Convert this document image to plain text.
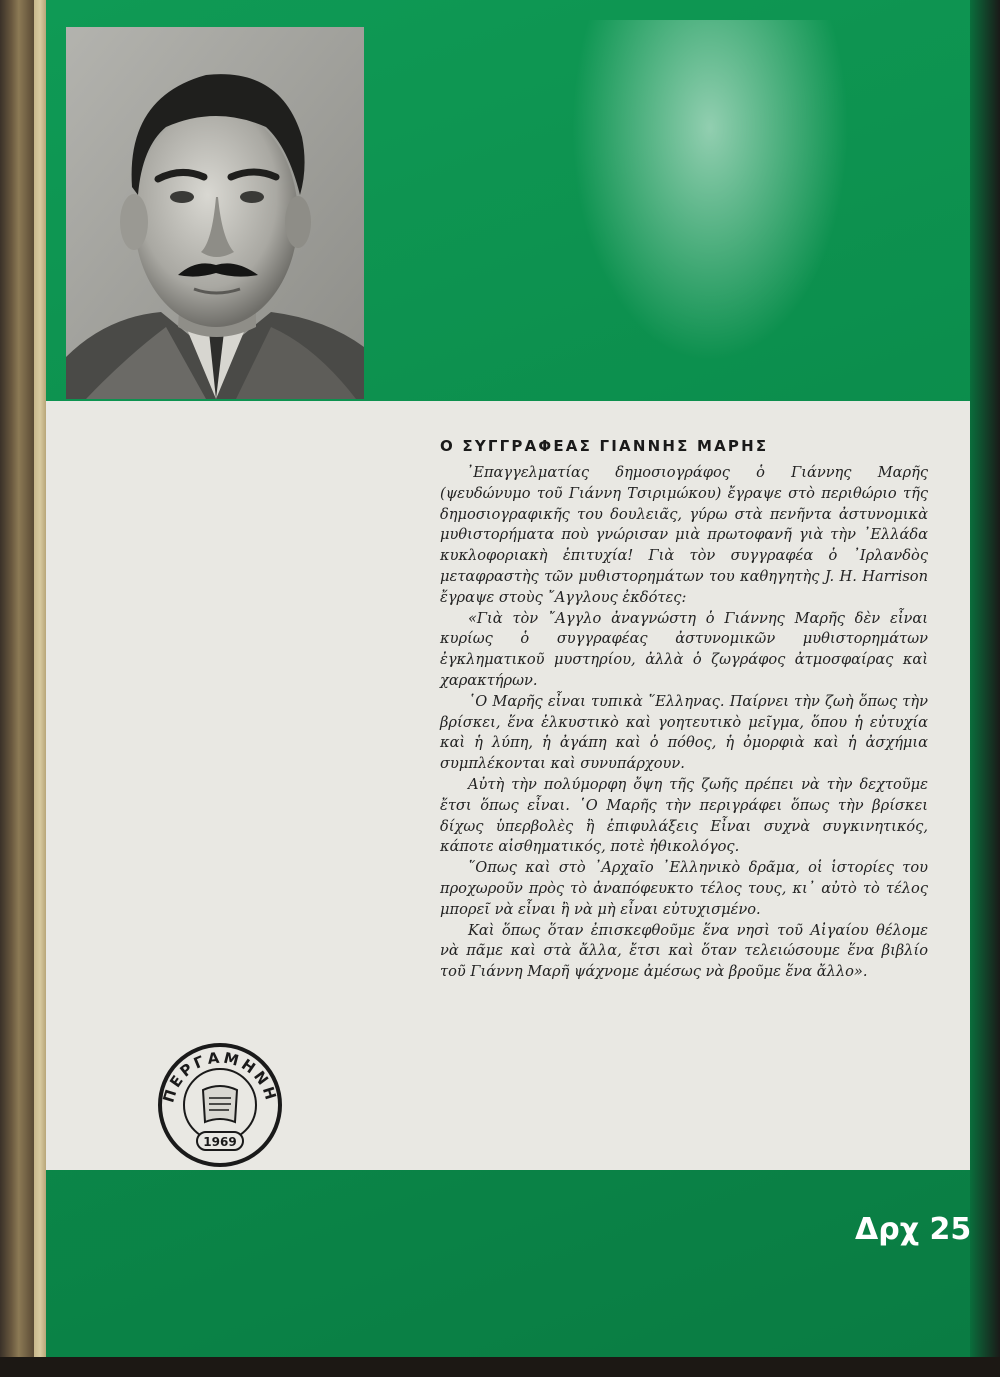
Ο ΣΥΓΓΡΑΦΕΑΣ ΓΙΑΝΝΗΣ ΜΑΡΗΣ

᾿Επαγγελματίας δημοσιογράφος ὁ Γιάννης Μαρῆς (ψευδώνυμο τοῦ Γιάννη Τσιριμώκου) ἔγραψε στὸ περιθώριο τῆς δημοσιογραφικῆς του δουλειᾶς, γύρω στὰ πενῆντα ἀστυνομικὰ μυθιστορήματα ποὺ γνώρισαν μιὰ πρωτοφανῆ γιὰ τὴν ᾿Ελλάδα κυκλοφοριακὴ ἐπιτυχία! Γιὰ τὸν συγγραφέα ὁ ᾿Ιρλανδὸς μεταφραστὴς τῶν μυθιστορημάτων του καθηγητὴς J. H. Harrison ἔγραψε στοὺς ῎Αγγλους ἐκδότες:

«Γιὰ τὸν ῎Αγγλο ἀναγνώστη ὁ Γιάννης Μαρῆς δὲν εἶναι κυρίως ὁ συγγραφέας ἀστυνομικῶν μυθιστορημάτων ἐγκληματικοῦ μυστηρίου, ἀλλὰ ὁ ζωγράφος ἀτμοσφαίρας καὶ χαρακτήρων.

῾Ο Μαρῆς εἶναι τυπικὰ ῞Ελληνας. Παίρνει τὴν ζωὴ ὅπως τὴν βρίσκει, ἕνα ἑλκυστικὸ καὶ γοητευτικὸ μεῖγμα, ὅπου ἡ εὐτυχία καὶ ἡ λύπη, ἡ ἀγάπη καὶ ὁ πόθος, ἡ ὀμορφιὰ καὶ ἡ ἀσχήμια συμπλέκονται καὶ συνυπάρχουν.

Αὐτὴ τὴν πολύμορφη ὄψη τῆς ζωῆς πρέπει νὰ τὴν δεχτοῦμε ἔτσι ὅπως εἶναι. ῾Ο Μαρῆς τὴν περιγράφει ὅπως τὴν βρίσκει δίχως ὑπερβολὲς ἢ ἐπιφυλάξεις Εἶναι συχνὰ συγκινητικός, κάποτε αἰσθηματικός, ποτὲ ἠθικολόγος.

῞Οπως καὶ στὸ ᾿Αρχαῖο ᾿Ελληνικὸ δρᾶμα, οἱ ἱστορίες του προχωροῦν πρὸς τὸ ἀναπόφευκτο τέλος τους, κι᾿ αὐτὸ τὸ τέλος μπορεῖ νὰ εἶναι ἢ νὰ μὴ εἶναι εὐτυχισμένο.

Καὶ ὅπως ὅταν ἐπισκεφθοῦμε ἕνα νησὶ τοῦ Αἰγαίου θέλομε νὰ πᾶμε καὶ στὰ ἄλλα, ἔτσι καὶ ὅταν τελειώσουμε ἕνα βιβλίο τοῦ Γιάννη Μαρῆ ψάχνομε ἀμέσως νὰ βροῦμε ἕνα ἄλλο».

ΠΕΡΓΑΜΗΝΗ
1969
Δρχ 25
